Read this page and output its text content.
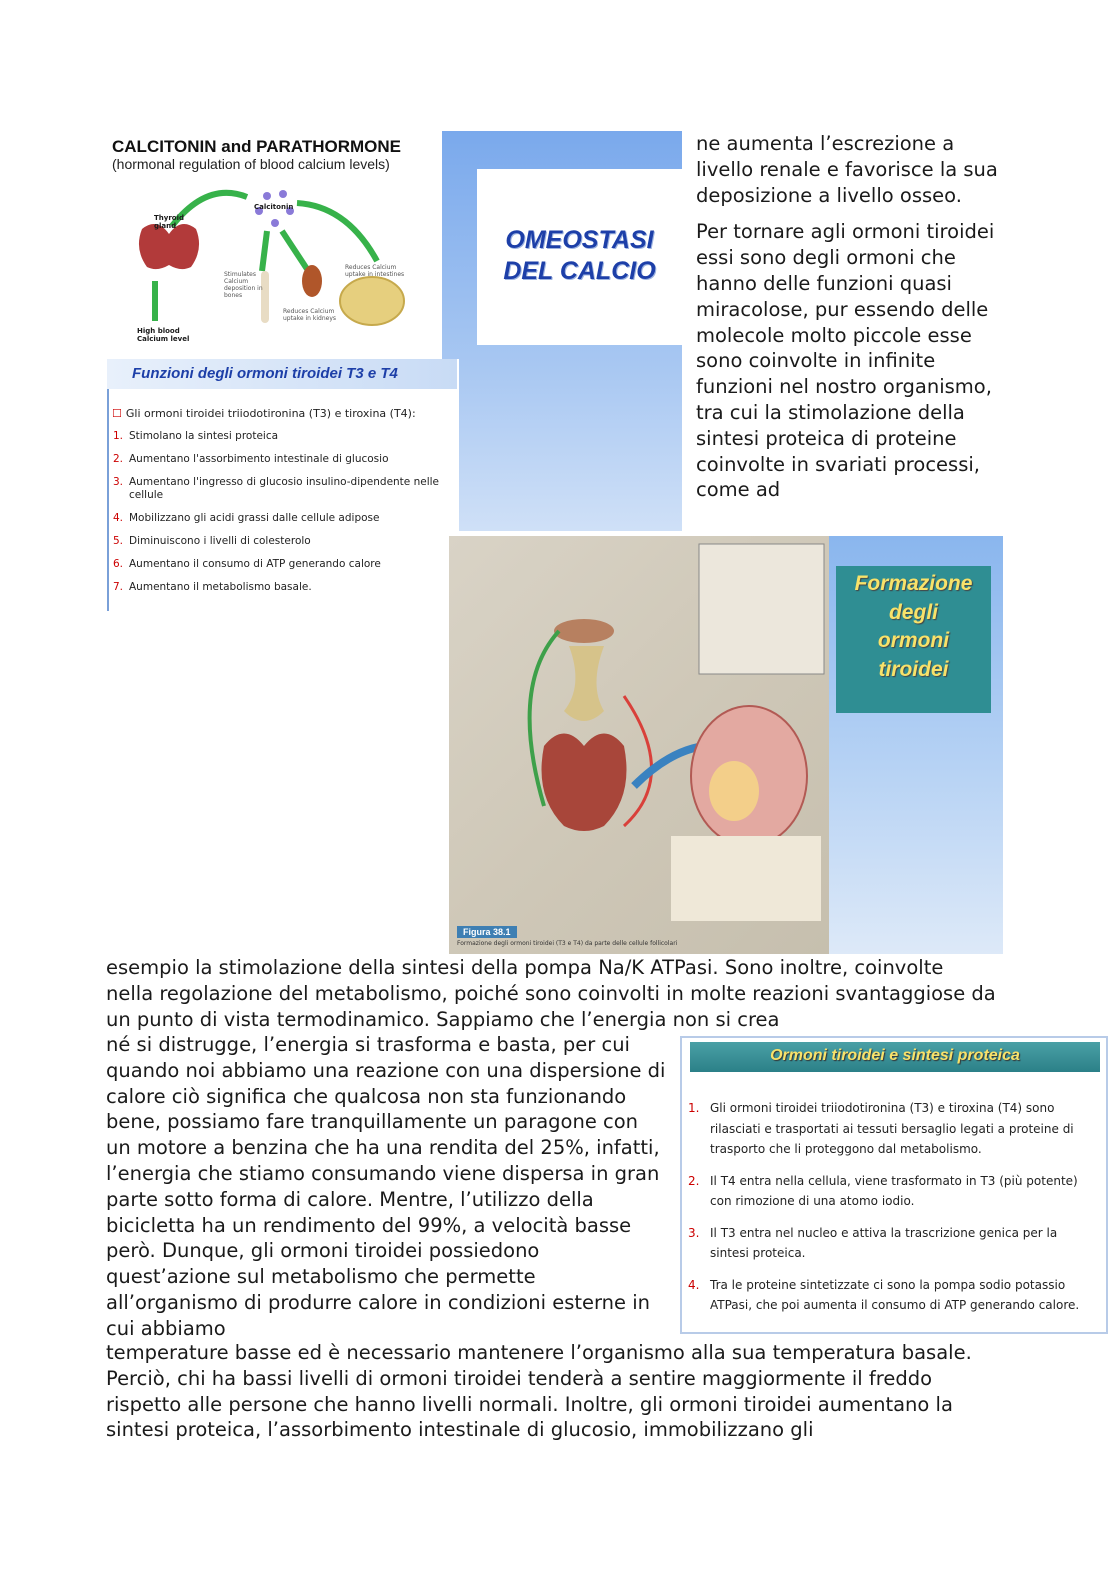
CALCITONIN and PARATHORMONE
(hormonal regulation of blood calcium levels)
Thyroid gland
Calcitonin
Stimulates Calcium deposition in bones
Reduces Calcium uptake in intestines
Reduces Calcium uptake in kidneys
High blood Calcium level
OMEOSTASI
DEL CALCIO
Funzioni degli ormoni tiroidei T3 e T4
☐ Gli ormoni tiroidei triiodotironina (T3) e tiroxina (T4):
1. Stimolano la sintesi proteica
2. Aumentano l'assorbimento intestinale di glucosio
3. Aumentano l'ingresso di glucosio insulino-dipendente nelle cellule
4. Mobilizzano gli acidi grassi dalle cellule adipose
5. Diminuiscono i livelli di colesterolo
6. Aumentano il consumo di ATP generando calore
7. Aumentano il metabolismo basale.

ne aumenta l’escrezione a livello renale e favorisce la sua deposizione a livello osseo.

Per tornare agli ormoni tiroidei essi sono degli ormoni che hanno delle funzioni quasi miracolose, pur essendo delle molecole molto piccole esse sono coinvolte in infinite funzioni nel nostro organismo, tra cui la stimolazione della sintesi proteica di proteine coinvolte in svariati processi, come ad

Figura 38.1
Formazione degli ormoni tiroidei (T3 e T4) da parte delle cellule follicolari
Formazione
degli
ormoni
tiroidei
esempio la stimolazione della sintesi della pompa Na/K ATPasi. Sono inoltre, coinvolte nella regolazione del metabolismo, poiché sono coinvolti in molte reazioni svantaggiose da un punto di vista termodinamico. Sappiamo che l’energia non si crea
né si distrugge, l’energia si trasforma e basta, per cui quando noi abbiamo una reazione con una dispersione di calore ciò significa che qualcosa non sta funzionando bene, possiamo fare tranquillamente un paragone con un motore a benzina che ha una rendita del 25%, infatti, l’energia che stiamo consumando viene dispersa in gran parte sotto forma di calore. Mentre, l’utilizzo della bicicletta ha un rendimento del 99%, a velocità basse però. Dunque, gli ormoni tiroidei possiedono quest’azione sul metabolismo che permette all’organismo di produrre calore in condizioni esterne in cui abbiamo
Ormoni tiroidei e sintesi proteica
1. Gli ormoni tiroidei triiodotironina (T3) e tiroxina (T4) sono rilasciati e trasportati ai tessuti bersaglio legati a proteine di trasporto che li proteggono dal metabolismo.
2. Il T4 entra nella cellula, viene trasformato in T3 (più potente) con rimozione di una atomo iodio.
3. Il T3 entra nel nucleo e attiva la trascrizione genica per la sintesi proteica.
4. Tra le proteine sintetizzate ci sono la pompa sodio potassio ATPasi, che poi aumenta il consumo di ATP generando calore.
temperature basse ed è necessario mantenere l’organismo alla sua temperatura basale. Perciò, chi ha bassi livelli di ormoni tiroidei tenderà a sentire maggiormente il freddo rispetto alle persone che hanno livelli normali. Inoltre, gli ormoni tiroidei aumentano la sintesi proteica, l’assorbimento intestinale di glucosio, immobilizzano gli
